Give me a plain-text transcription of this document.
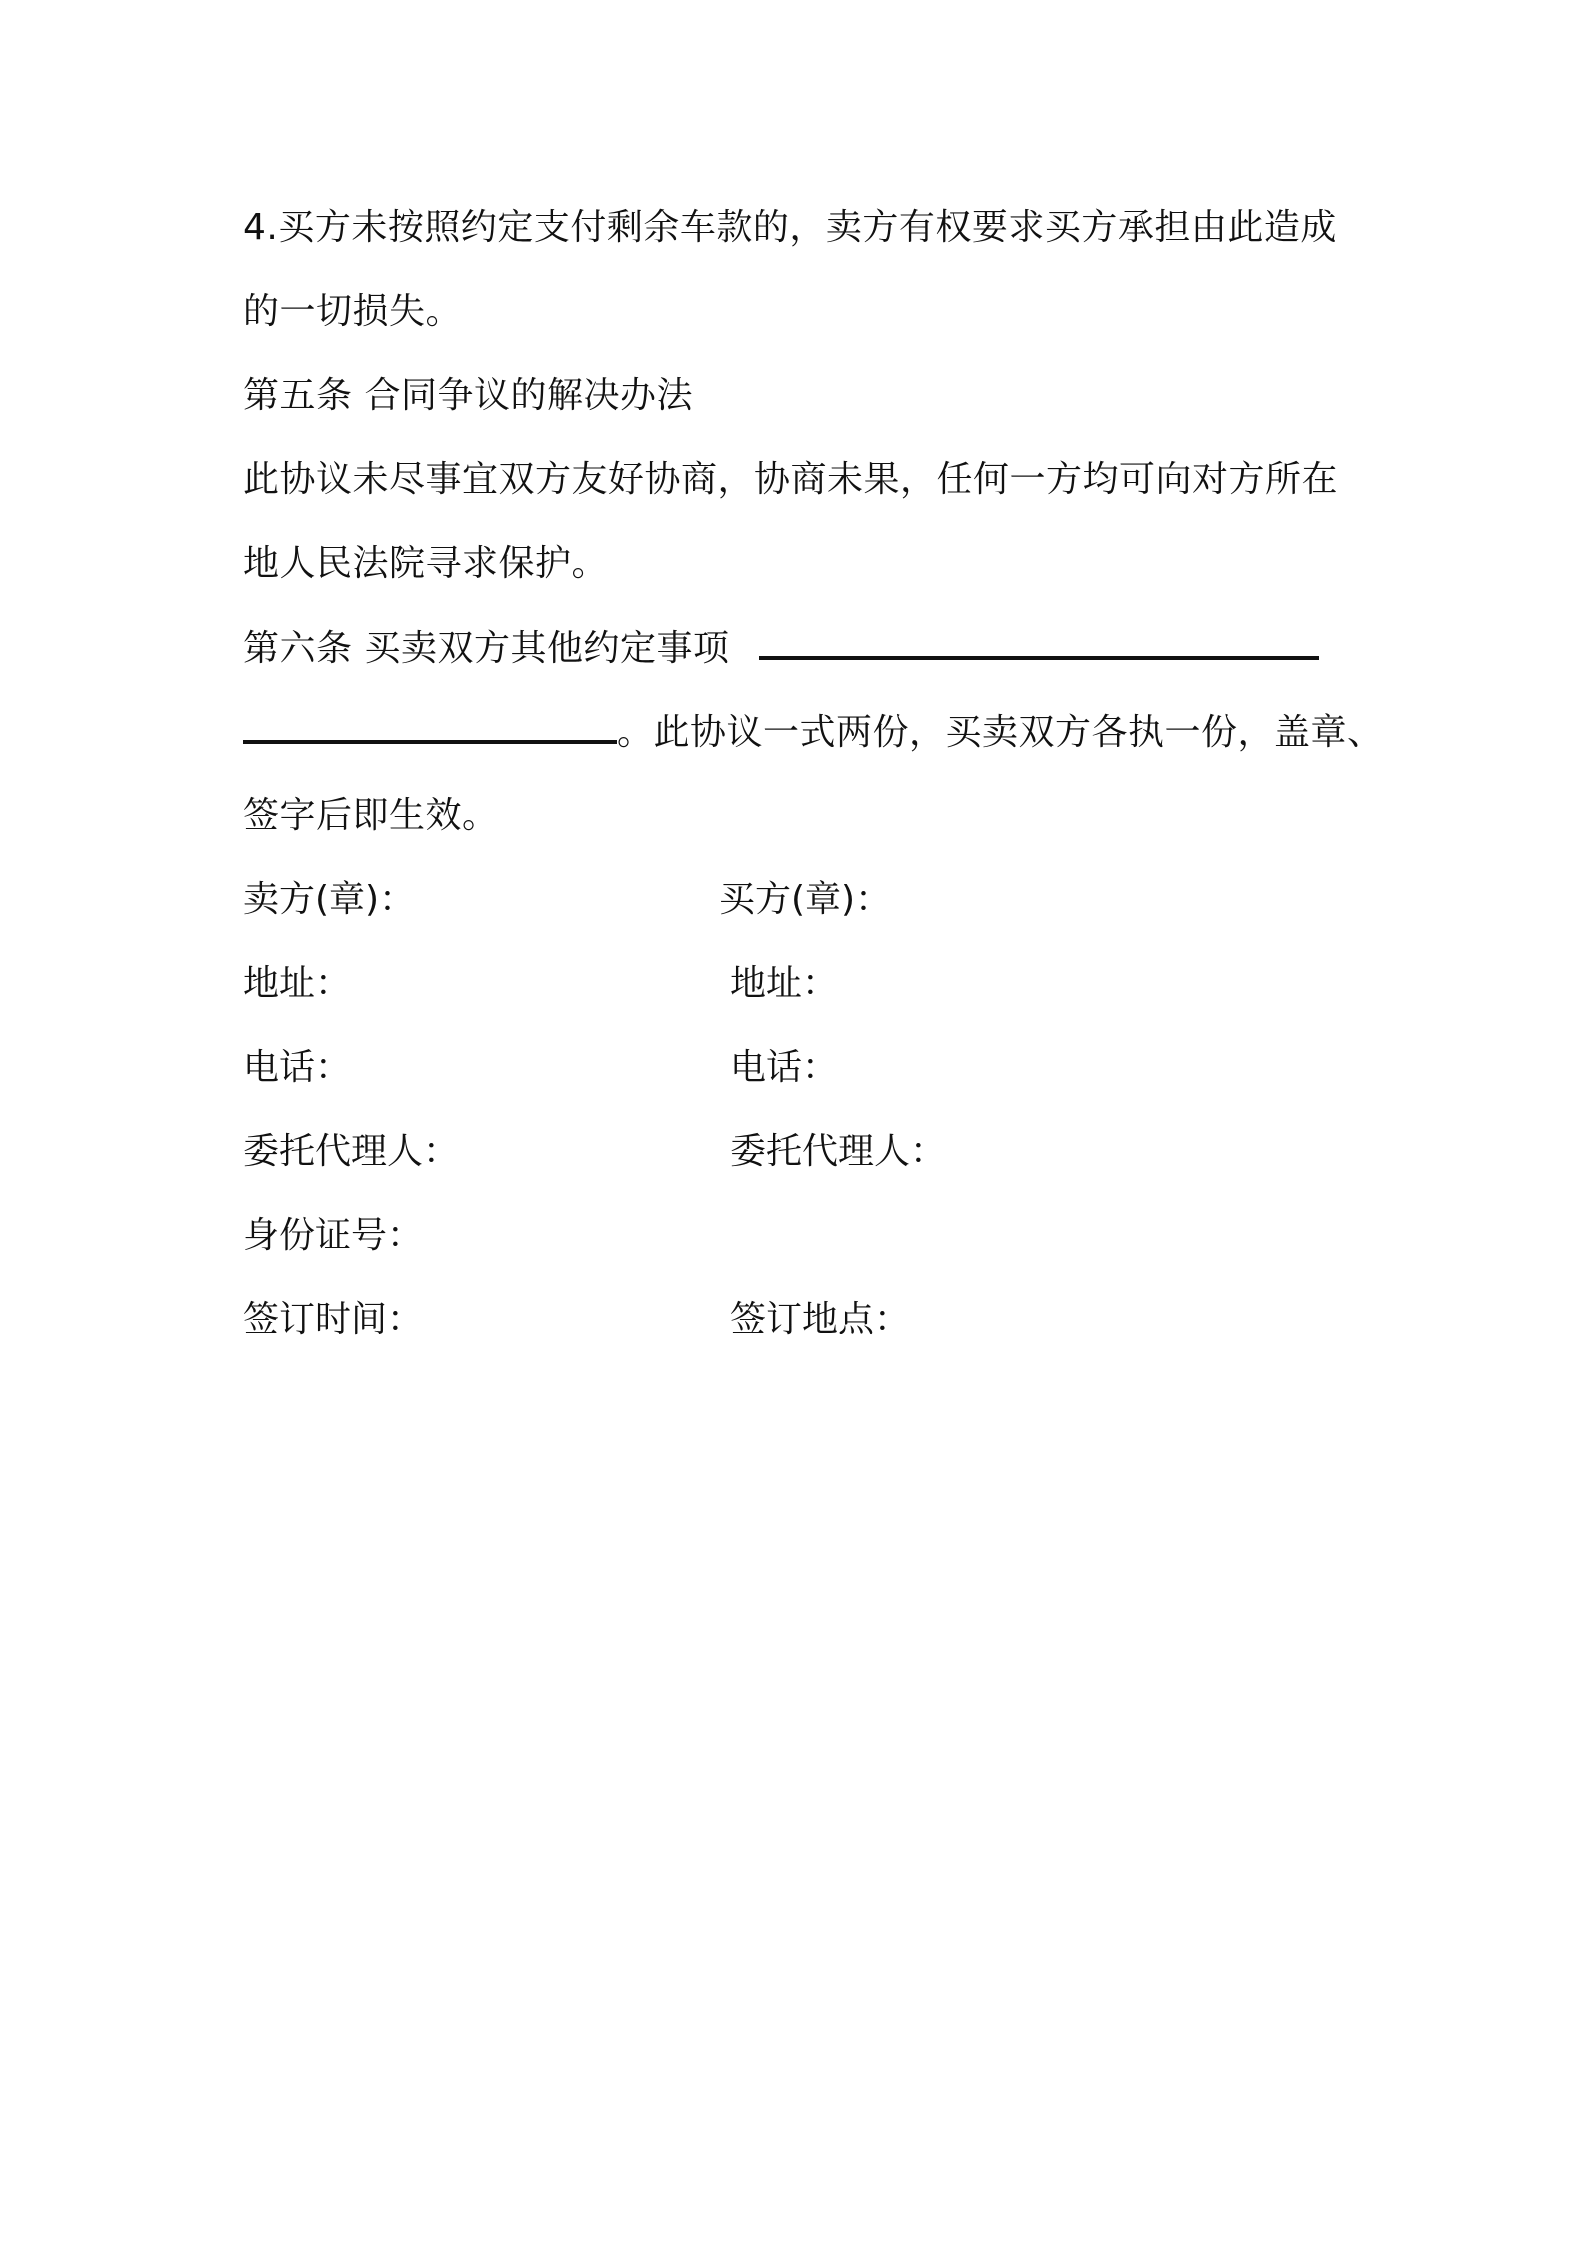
4.买方未按照约定支付剩余车款的，卖方有权要求买方承担由此造成
的一切损失。
第五条 合同争议的解决办法
此协议未尽事宜双方友好协商，协商未果，任何一方均可向对方所在
地人民法院寻求保护。
第六条 买卖双方其他约定事项
。此协议一式两份，买卖双方各执一份，盖章、
签字后即生效。
卖方(章)：	买方(章)：
地址：	地址：
电话：	电话：
委托代理人：	委托代理人：
身份证号：
签订时间：	签订地点：
